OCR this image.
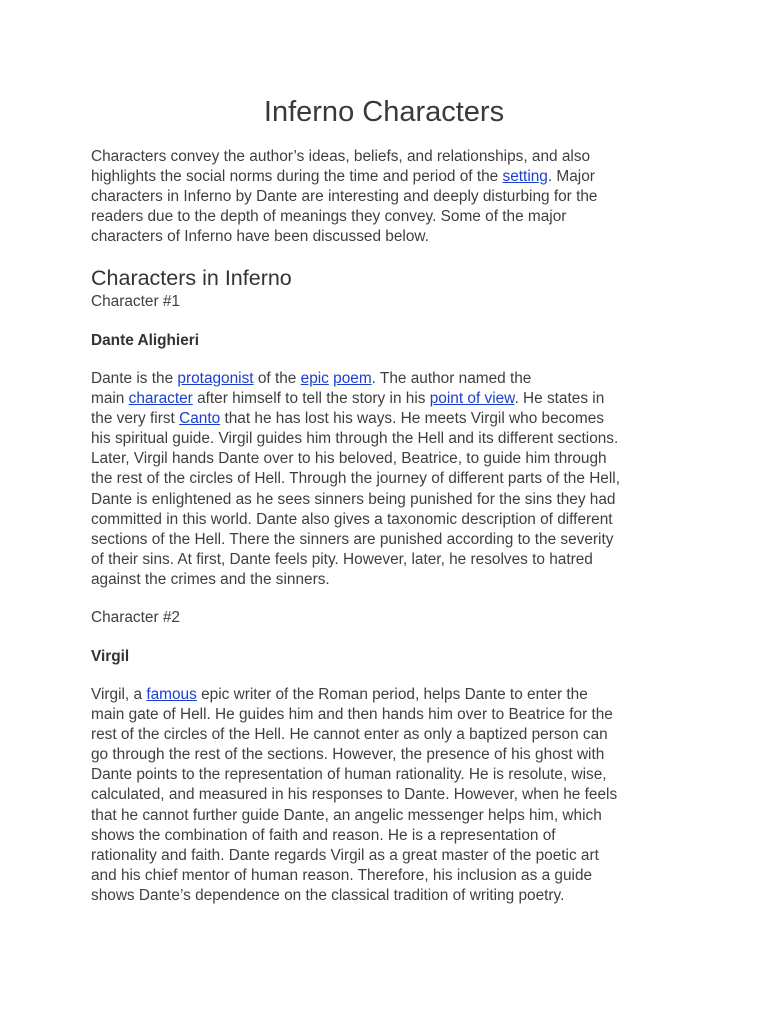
Inferno Characters
Characters convey the author’s ideas, beliefs, and relationships, and also
highlights the social norms during the time and period of the setting. Major
characters in Inferno by Dante are interesting and deeply disturbing for the
readers due to the depth of meanings they convey. Some of the major
characters of Inferno have been discussed below.
Characters in Inferno

Character #1

Dante Alighieri

Dante is the protagonist of the epic poem. The author named the
main character after himself to tell the story in his point of view. He states in
the very first Canto that he has lost his ways. He meets Virgil who becomes
his spiritual guide. Virgil guides him through the Hell and its different sections.
Later, Virgil hands Dante over to his beloved, Beatrice, to guide him through
the rest of the circles of Hell. Through the journey of different parts of the Hell,
Dante is enlightened as he sees sinners being punished for the sins they had
committed in this world. Dante also gives a taxonomic description of different
sections of the Hell. There the sinners are punished according to the severity
of their sins. At first, Dante feels pity. However, later, he resolves to hatred
against the crimes and the sinners.

Character #2

Virgil

Virgil, a famous epic writer of the Roman period, helps Dante to enter the
main gate of Hell. He guides him and then hands him over to Beatrice for the
rest of the circles of the Hell. He cannot enter as only a baptized person can
go through the rest of the sections. However, the presence of his ghost with
Dante points to the representation of human rationality. He is resolute, wise,
calculated, and measured in his responses to Dante. However, when he feels
that he cannot further guide Dante, an angelic messenger helps him, which
shows the combination of faith and reason. He is a representation of
rationality and faith. Dante regards Virgil as a great master of the poetic art
and his chief mentor of human reason. Therefore, his inclusion as a guide
shows Dante’s dependence on the classical tradition of writing poetry.
